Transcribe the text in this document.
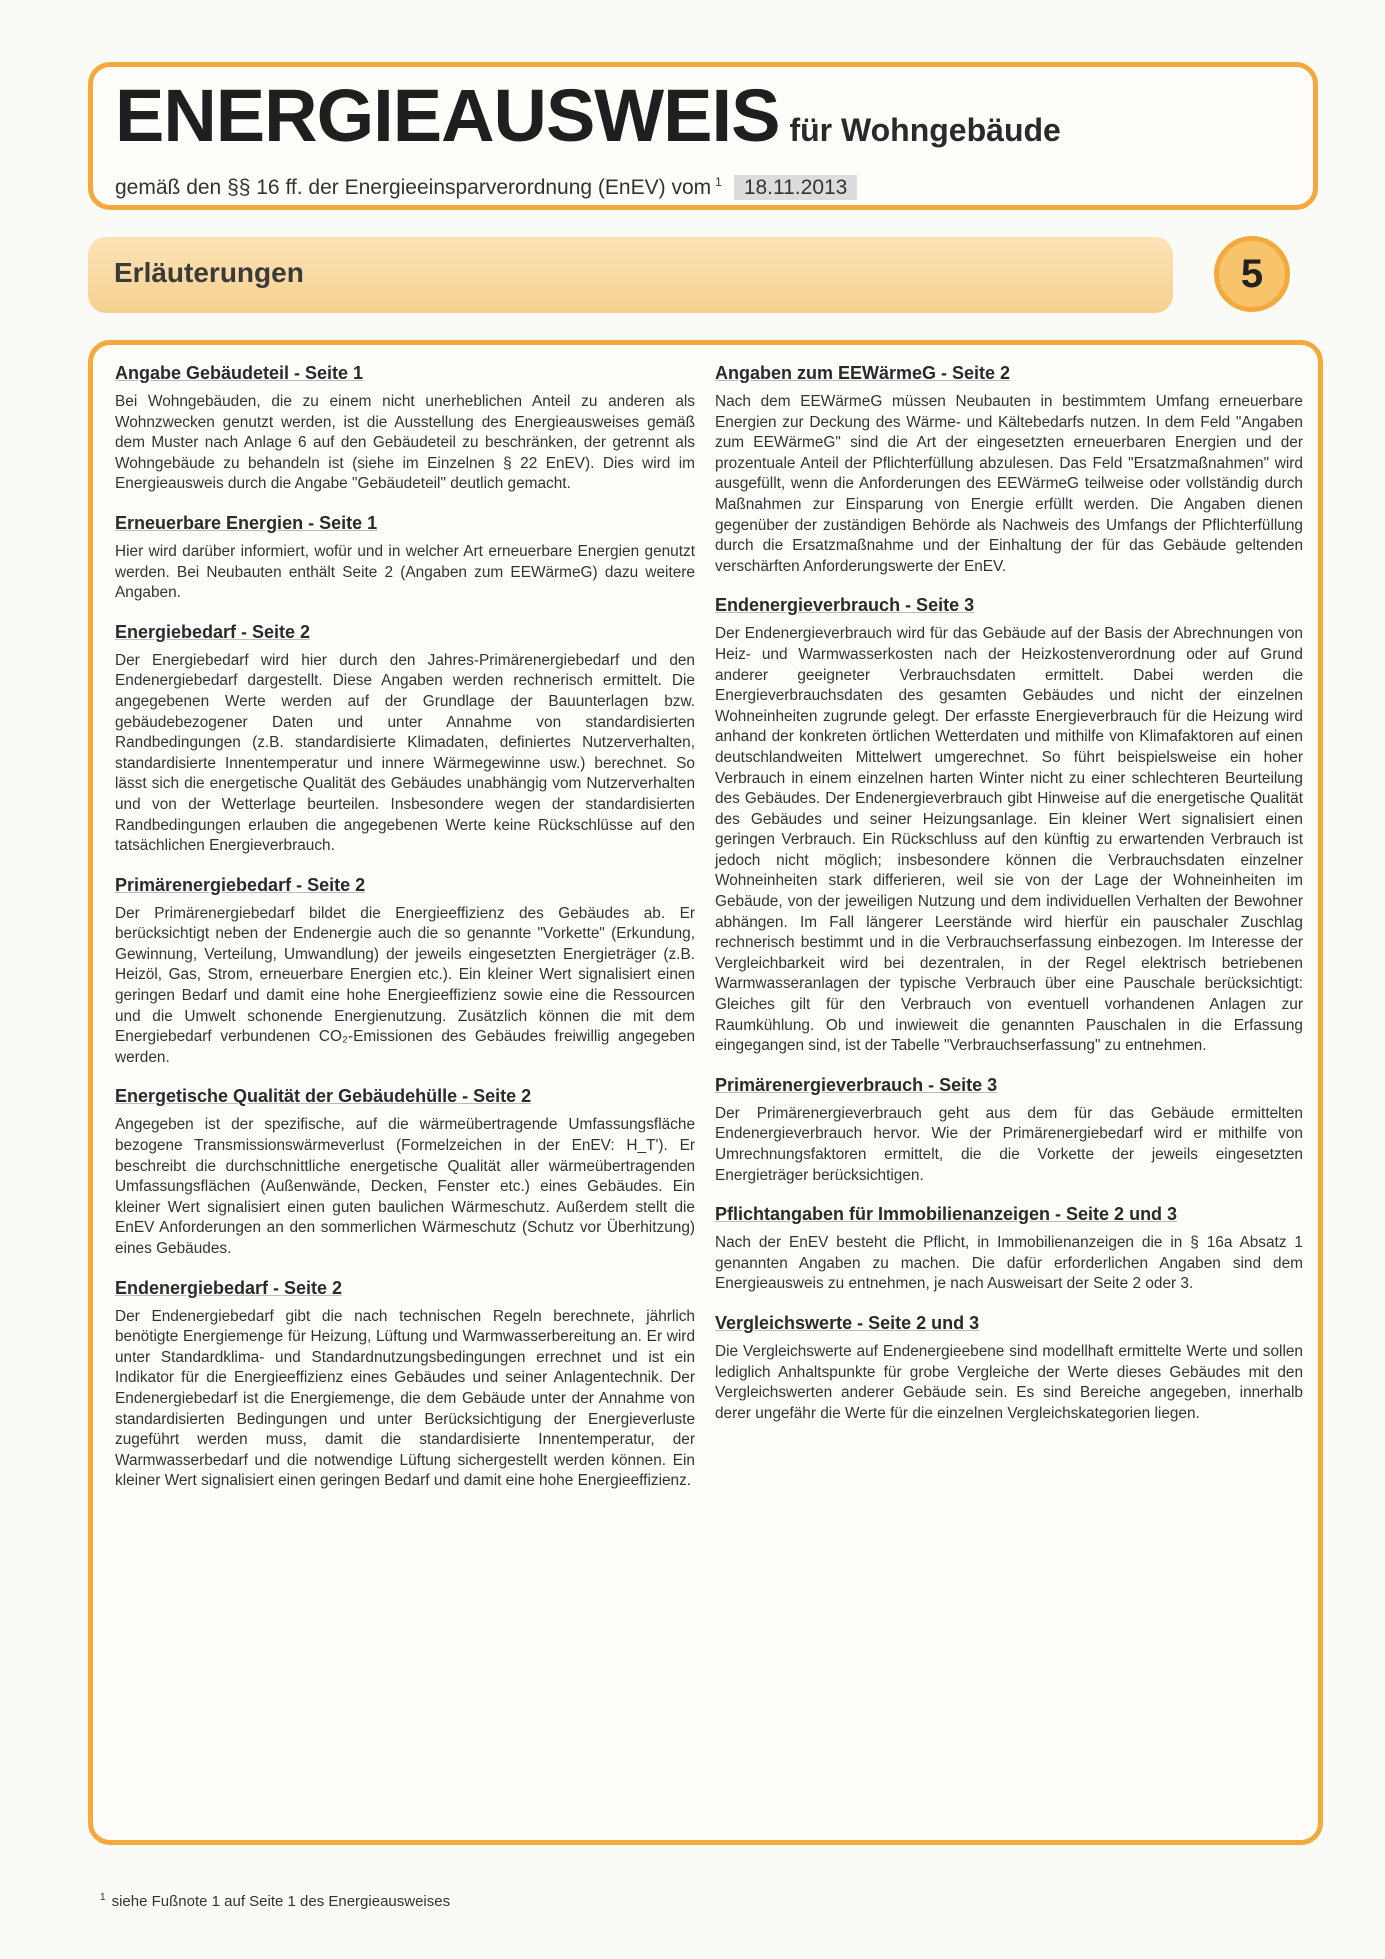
ENERGIEAUSWEIS für Wohngebäude
gemäß den §§ 16 ff. der Energieeinsparverordnung (EnEV) vom $^1$ 18.11.2013
Erläuterungen	5
Angabe Gebäudeteil - Seite 1

Bei Wohngebäuden, die zu einem nicht unerheblichen Anteil zu anderen als Wohnzwecken genutzt werden, ist die Ausstellung des Energieausweises gemäß dem Muster nach Anlage 6 auf den Gebäudeteil zu beschränken, der getrennt als Wohngebäude zu behandeln ist (siehe im Einzelnen § 22 EnEV). Dies wird im Energieausweis durch die Angabe "Gebäudeteil" deutlich gemacht.

Erneuerbare Energien - Seite 1

Hier wird darüber informiert, wofür und in welcher Art erneuerbare Energien genutzt werden. Bei Neubauten enthält Seite 2 (Angaben zum EEWärmeG) dazu weitere Angaben.

Energiebedarf - Seite 2

Der Energiebedarf wird hier durch den Jahres-Primärenergiebedarf und den Endenergiebedarf dargestellt. Diese Angaben werden rechnerisch ermittelt. Die angegebenen Werte werden auf der Grundlage der Bauunterlagen bzw. gebäudebezogener Daten und unter Annahme von standardisierten Randbedingungen (z.B. standardisierte Klimadaten, definiertes Nutzerverhalten, standardisierte Innentemperatur und innere Wärmegewinne usw.) berechnet. So lässt sich die energetische Qualität des Gebäudes unabhängig vom Nutzerverhalten und von der Wetterlage beurteilen. Insbesondere wegen der standardisierten Randbedingungen erlauben die angegebenen Werte keine Rückschlüsse auf den tatsächlichen Energieverbrauch.

Primärenergiebedarf - Seite 2

Der Primärenergiebedarf bildet die Energieeffizienz des Gebäudes ab. Er berücksichtigt neben der Endenergie auch die so genannte "Vorkette" (Erkundung, Gewinnung, Verteilung, Umwandlung) der jeweils eingesetzten Energieträger (z.B. Heizöl, Gas, Strom, erneuerbare Energien etc.). Ein kleiner Wert signalisiert einen geringen Bedarf und damit eine hohe Energieeffizienz sowie eine die Ressourcen und die Umwelt schonende Energienutzung. Zusätzlich können die mit dem Energiebedarf verbundenen CO₂-Emissionen des Gebäudes freiwillig angegeben werden.

Energetische Qualität der Gebäudehülle - Seite 2

Angegeben ist der spezifische, auf die wärmeübertragende Umfassungsfläche bezogene Transmissionswärmeverlust (Formelzeichen in der EnEV: H_T'). Er beschreibt die durchschnittliche energetische Qualität aller wärmeübertragenden Umfassungsflächen (Außenwände, Decken, Fenster etc.) eines Gebäudes. Ein kleiner Wert signalisiert einen guten baulichen Wärmeschutz. Außerdem stellt die EnEV Anforderungen an den sommerlichen Wärmeschutz (Schutz vor Überhitzung) eines Gebäudes.

Endenergiebedarf - Seite 2

Der Endenergiebedarf gibt die nach technischen Regeln berechnete, jährlich benötigte Energiemenge für Heizung, Lüftung und Warmwasserbereitung an. Er wird unter Standardklima- und Standardnutzungsbedingungen errechnet und ist ein Indikator für die Energieeffizienz eines Gebäudes und seiner Anlagentechnik. Der Endenergiebedarf ist die Energiemenge, die dem Gebäude unter der Annahme von standardisierten Bedingungen und unter Berücksichtigung der Energieverluste zugeführt werden muss, damit die standardisierte Innentemperatur, der Warmwasserbedarf und die notwendige Lüftung sichergestellt werden können. Ein kleiner Wert signalisiert einen geringen Bedarf und damit eine hohe Energieeffizienz.

Angaben zum EEWärmeG - Seite 2

Nach dem EEWärmeG müssen Neubauten in bestimmtem Umfang erneuerbare Energien zur Deckung des Wärme- und Kältebedarfs nutzen. In dem Feld "Angaben zum EEWärmeG" sind die Art der eingesetzten erneuerbaren Energien und der prozentuale Anteil der Pflichterfüllung abzulesen. Das Feld "Ersatzmaßnahmen" wird ausgefüllt, wenn die Anforderungen des EEWärmeG teilweise oder vollständig durch Maßnahmen zur Einsparung von Energie erfüllt werden. Die Angaben dienen gegenüber der zuständigen Behörde als Nachweis des Umfangs der Pflichterfüllung durch die Ersatzmaßnahme und der Einhaltung der für das Gebäude geltenden verschärften Anforderungswerte der EnEV.

Endenergieverbrauch - Seite 3

Der Endenergieverbrauch wird für das Gebäude auf der Basis der Abrechnungen von Heiz- und Warmwasserkosten nach der Heizkostenverordnung oder auf Grund anderer geeigneter Verbrauchsdaten ermittelt. Dabei werden die Energieverbrauchsdaten des gesamten Gebäudes und nicht der einzelnen Wohneinheiten zugrunde gelegt. Der erfasste Energieverbrauch für die Heizung wird anhand der konkreten örtlichen Wetterdaten und mithilfe von Klimafaktoren auf einen deutschlandweiten Mittelwert umgerechnet. So führt beispielsweise ein hoher Verbrauch in einem einzelnen harten Winter nicht zu einer schlechteren Beurteilung des Gebäudes. Der Endenergieverbrauch gibt Hinweise auf die energetische Qualität des Gebäudes und seiner Heizungsanlage. Ein kleiner Wert signalisiert einen geringen Verbrauch. Ein Rückschluss auf den künftig zu erwartenden Verbrauch ist jedoch nicht möglich; insbesondere können die Verbrauchsdaten einzelner Wohneinheiten stark differieren, weil sie von der Lage der Wohneinheiten im Gebäude, von der jeweiligen Nutzung und dem individuellen Verhalten der Bewohner abhängen. Im Fall längerer Leerstände wird hierfür ein pauschaler Zuschlag rechnerisch bestimmt und in die Verbrauchserfassung einbezogen. Im Interesse der Vergleichbarkeit wird bei dezentralen, in der Regel elektrisch betriebenen Warmwasseranlagen der typische Verbrauch über eine Pauschale berücksichtigt: Gleiches gilt für den Verbrauch von eventuell vorhandenen Anlagen zur Raumkühlung. Ob und inwieweit die genannten Pauschalen in die Erfassung eingegangen sind, ist der Tabelle "Verbrauchserfassung" zu entnehmen.

Primärenergieverbrauch - Seite 3

Der Primärenergieverbrauch geht aus dem für das Gebäude ermittelten Endenergieverbrauch hervor. Wie der Primärenergiebedarf wird er mithilfe von Umrechnungsfaktoren ermittelt, die die Vorkette der jeweils eingesetzten Energieträger berücksichtigen.

Pflichtangaben für Immobilienanzeigen - Seite 2 und 3

Nach der EnEV besteht die Pflicht, in Immobilienanzeigen die in § 16a Absatz 1 genannten Angaben zu machen. Die dafür erforderlichen Angaben sind dem Energieausweis zu entnehmen, je nach Ausweisart der Seite 2 oder 3.

Vergleichswerte - Seite 2 und 3

Die Vergleichswerte auf Endenergieebene sind modellhaft ermittelte Werte und sollen lediglich Anhaltspunkte für grobe Vergleiche der Werte dieses Gebäudes mit den Vergleichswerten anderer Gebäude sein. Es sind Bereiche angegeben, innerhalb derer ungefähr die Werte für die einzelnen Vergleichskategorien liegen.

$^1$ siehe Fußnote 1 auf Seite 1 des Energieausweises
